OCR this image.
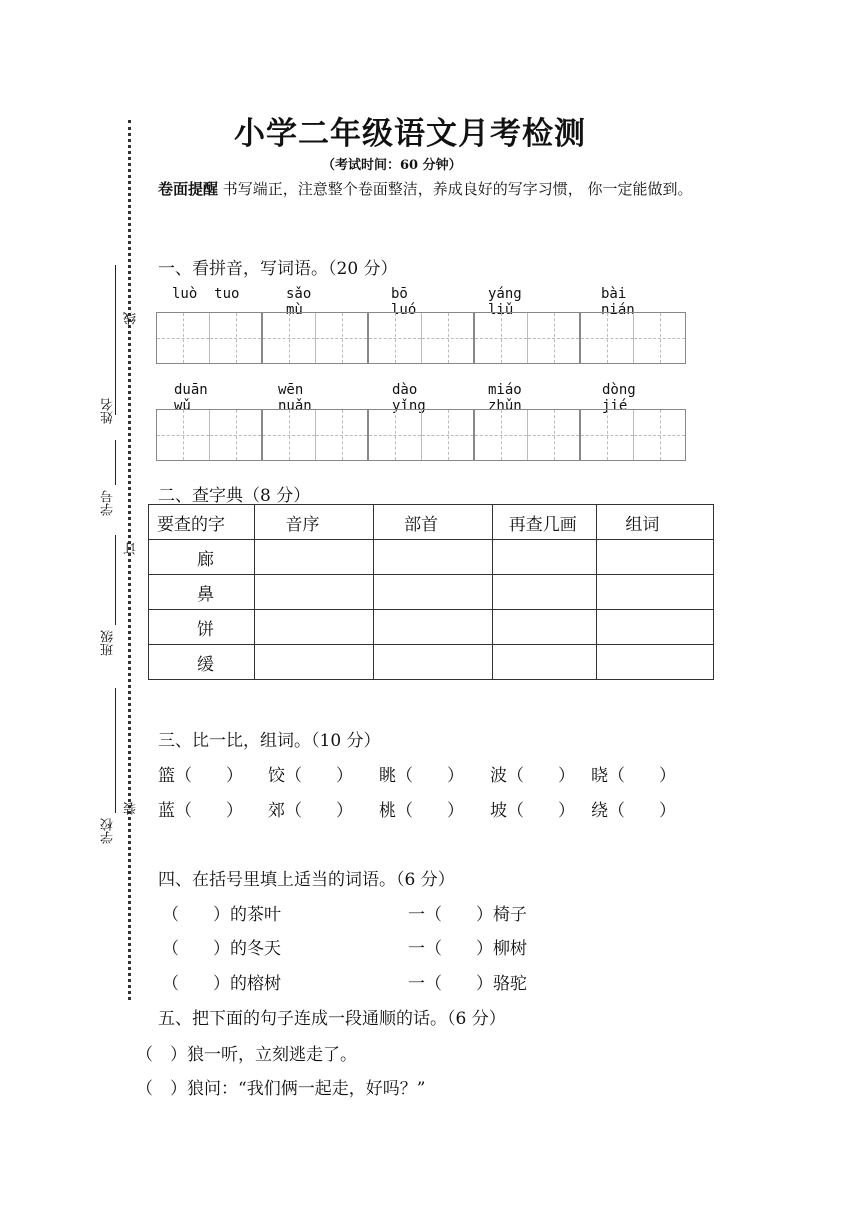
线
姓名
学号
订
班级
装
学校
小学二年级语文月考检测
（考试时间：60 分钟）
卷面提醒 书写端正，注意整个卷面整洁，养成良好的写字习惯， 你一定能做到。
一、看拼音，写词语。（20 分）
luò  tuo	sǎo mù
bō luó
yáng liǔ
bài nián
duān wǔ
wēn nuǎn
dào yǐng
miáo zhǔn
dòng jié
二、查字典（8 分）
要查的字	音序	部首	再查几画	组词
廊				
鼻				
饼				
缓				
三、比一比，组词。（10 分）
篮（　　） 饺（　　） 眺（　　） 波（　　） 晓（　　）
蓝（　　） 郊（　　） 桃（　　） 坡（　　） 绕（　　）
四、在括号里填上适当的词语。（6 分）
（　　）的茶叶	一（　　）椅子
（　　）的冬天	一（　　）柳树
（　　）的榕树	一（　　）骆驼
五、把下面的句子连成一段通顺的话。（6 分）
（　）狼一听，立刻逃走了。
（　）狼问：“我们俩一起走，好吗？”
